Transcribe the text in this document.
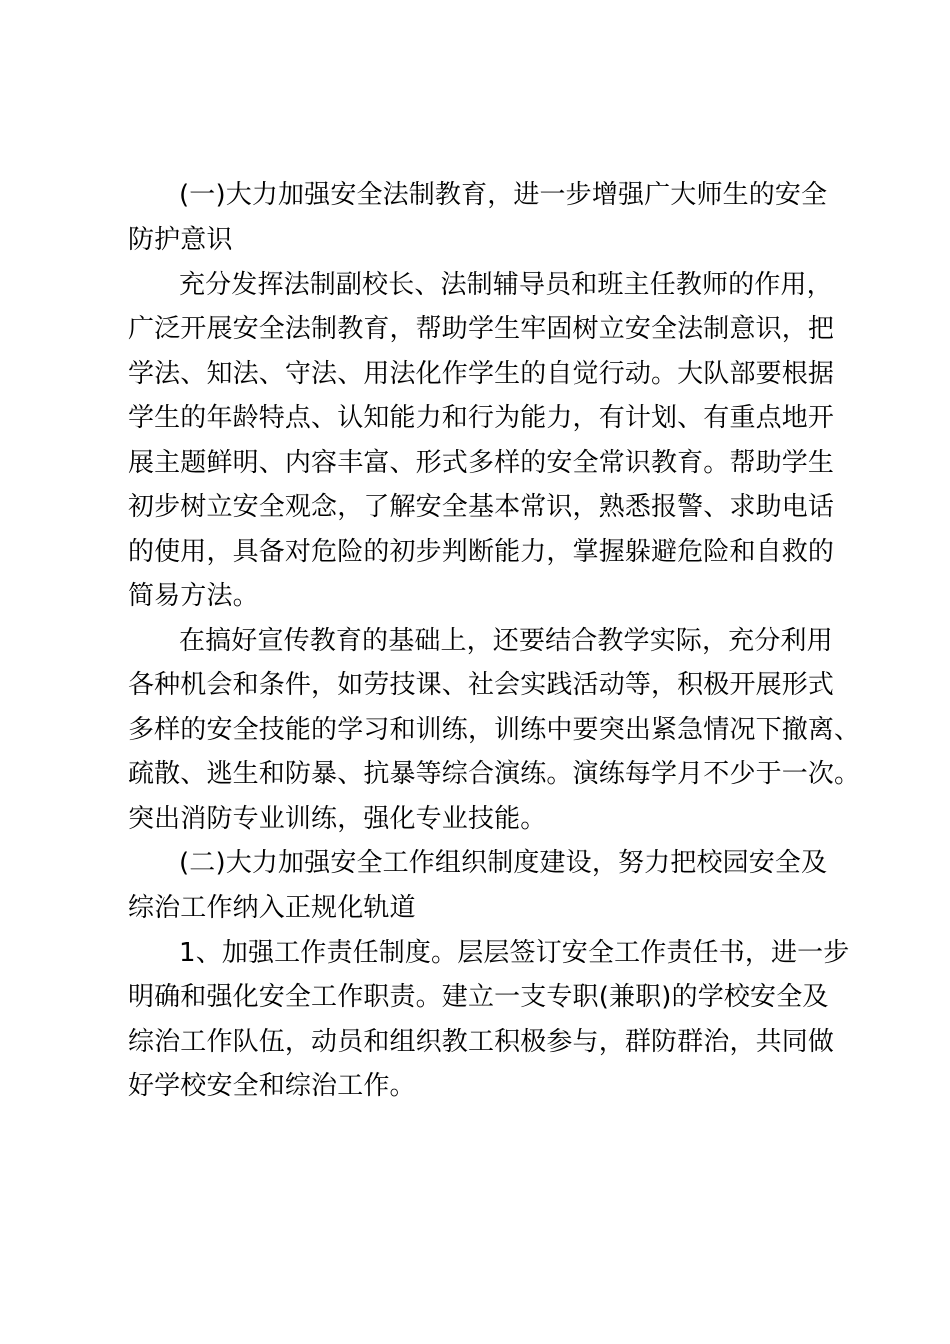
(一)大力加强安全法制教育，进一步增强广大师生的安全
防护意识
充分发挥法制副校长、法制辅导员和班主任教师的作用，
广泛开展安全法制教育，帮助学生牢固树立安全法制意识，把
学法、知法、守法、用法化作学生的自觉行动。大队部要根据
学生的年龄特点、认知能力和行为能力，有计划、有重点地开
展主题鲜明、内容丰富、形式多样的安全常识教育。帮助学生
初步树立安全观念，了解安全基本常识，熟悉报警、求助电话
的使用，具备对危险的初步判断能力，掌握躲避危险和自救的
简易方法。
在搞好宣传教育的基础上，还要结合教学实际，充分利用
各种机会和条件，如劳技课、社会实践活动等，积极开展形式
多样的安全技能的学习和训练，训练中要突出紧急情况下撤离、
疏散、逃生和防暴、抗暴等综合演练。演练每学月不少于一次。
突出消防专业训练，强化专业技能。
(二)大力加强安全工作组织制度建设，努力把校园安全及
综治工作纳入正规化轨道
1、加强工作责任制度。层层签订安全工作责任书，进一步
明确和强化安全工作职责。建立一支专职(兼职)的学校安全及
综治工作队伍，动员和组织教工积极参与，群防群治，共同做
好学校安全和综治工作。
